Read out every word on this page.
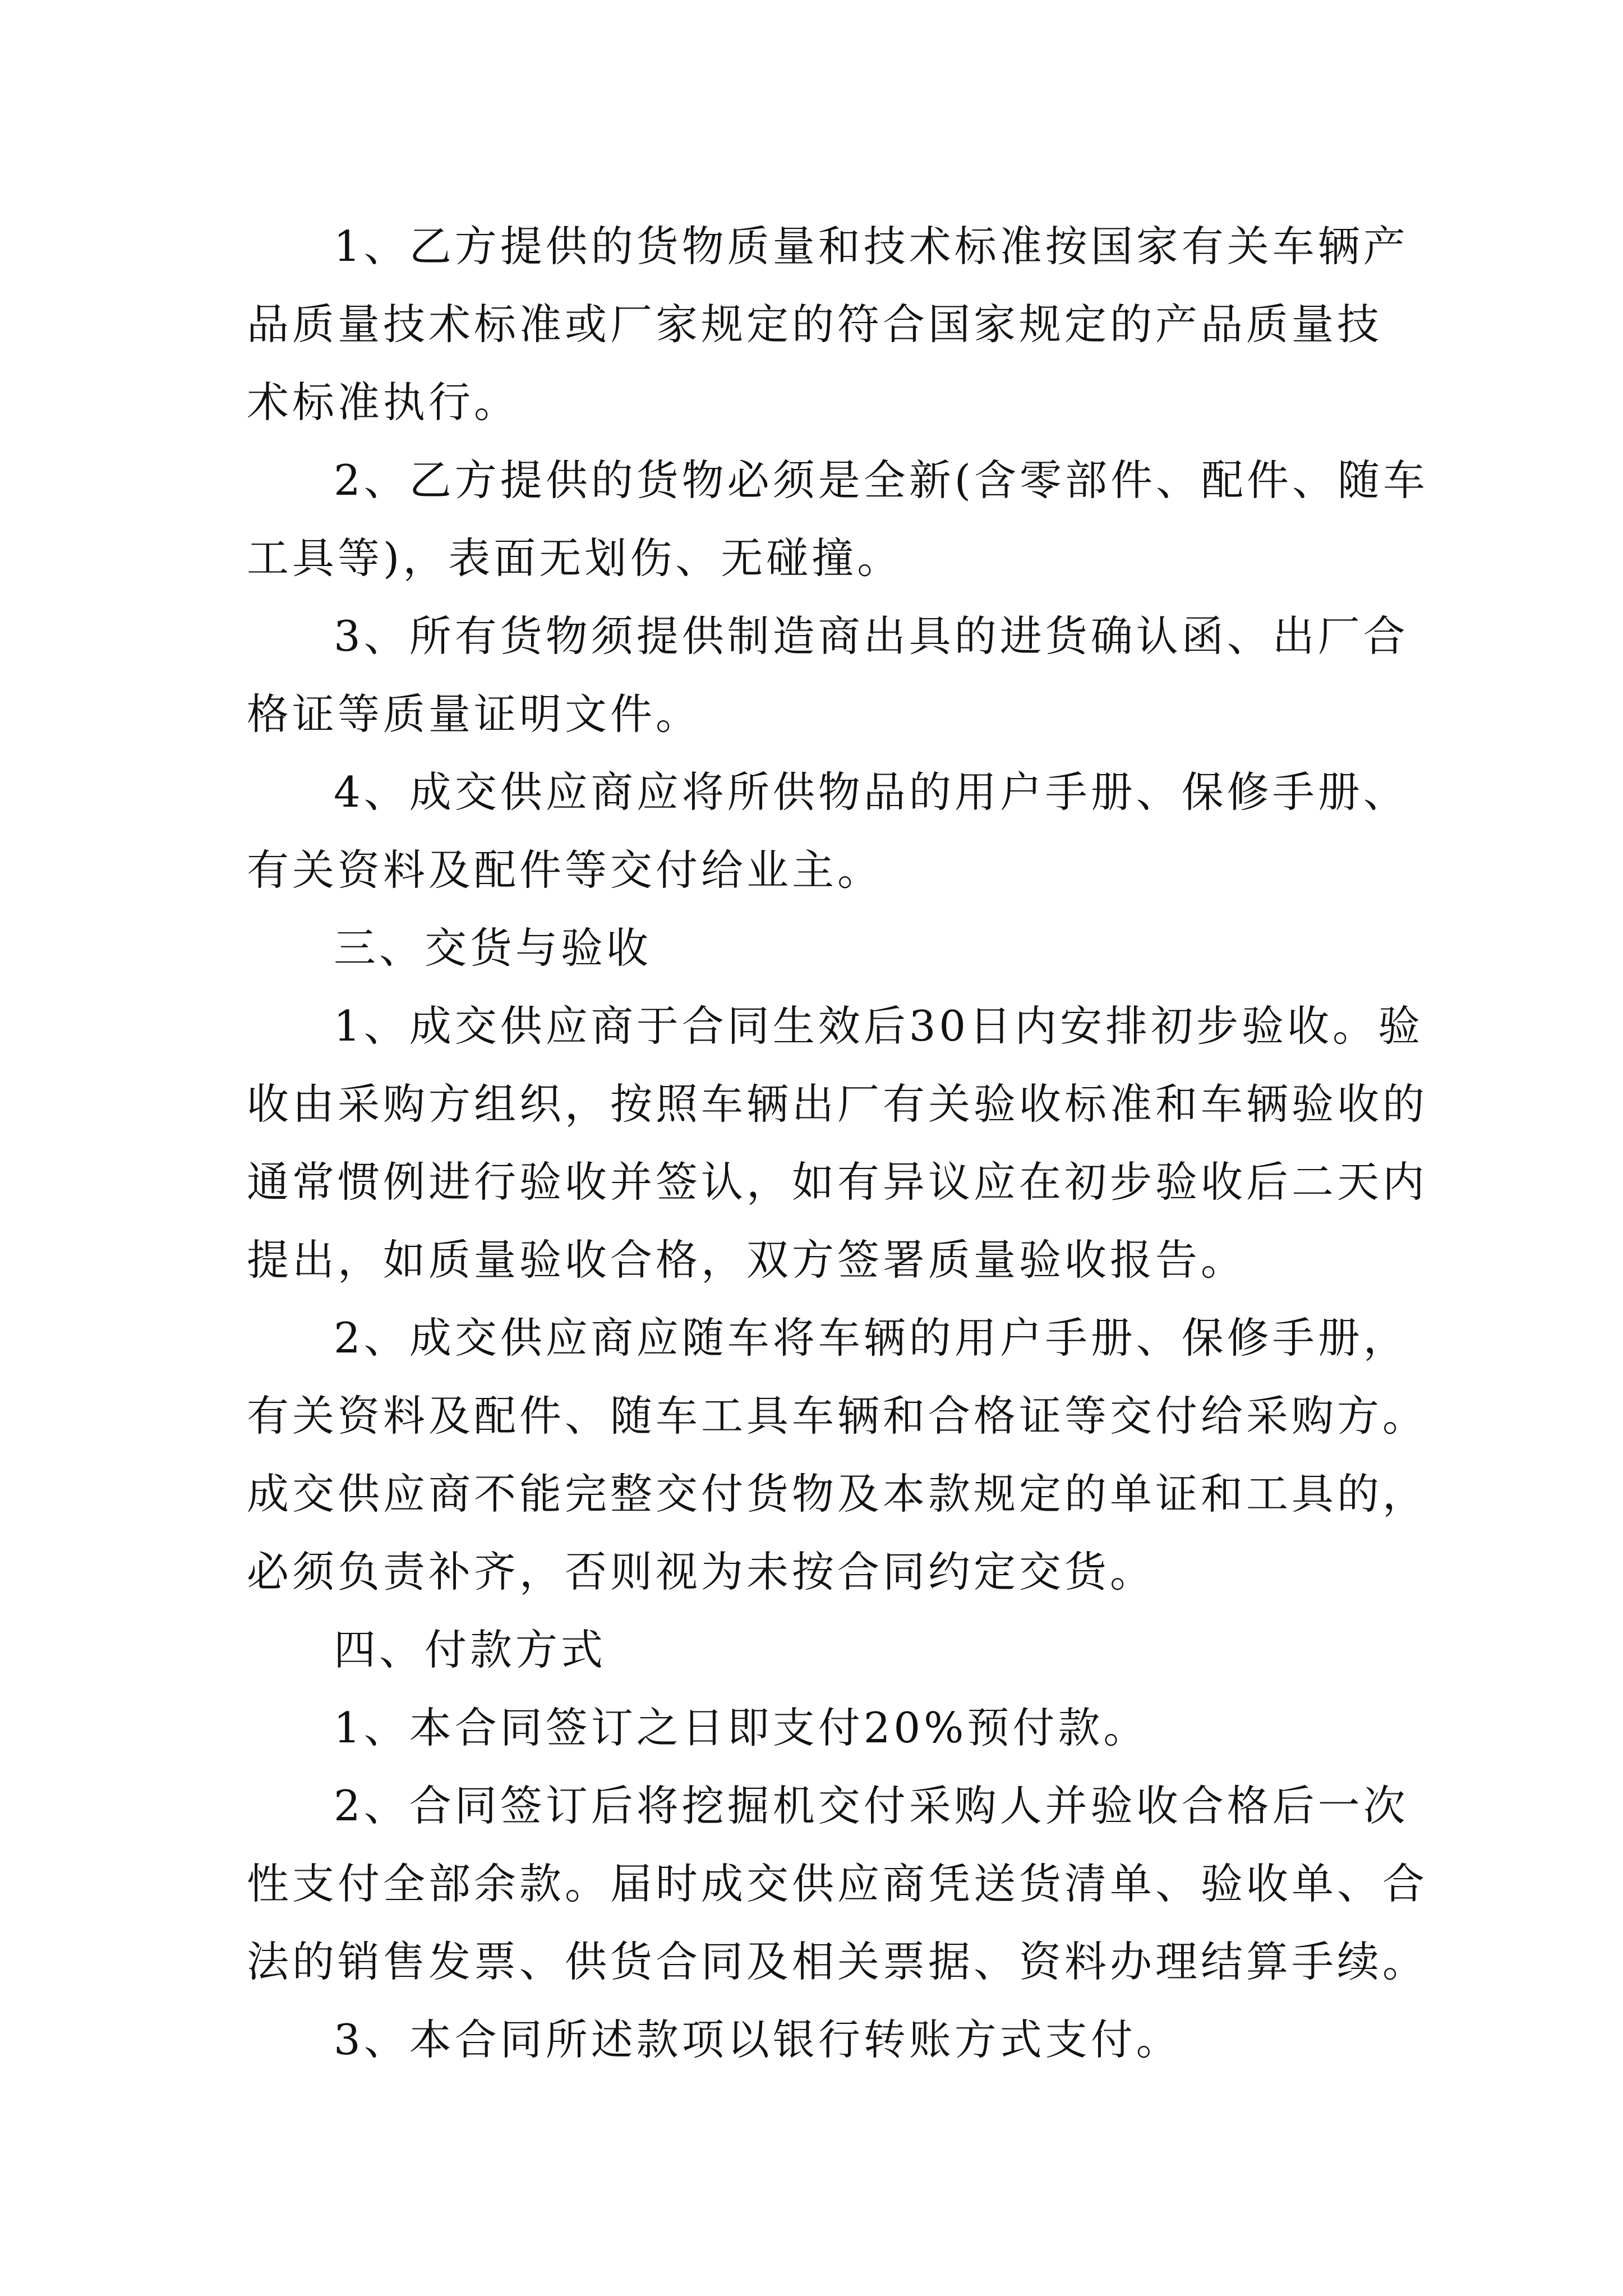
1、乙方提供的货物质量和技术标准按国家有关车辆产
品质量技术标准或厂家规定的符合国家规定的产品质量技
术标准执行。
2、乙方提供的货物必须是全新(含零部件、配件、随车
工具等)，表面无划伤、无碰撞。
3、所有货物须提供制造商出具的进货确认函、出厂合
格证等质量证明文件。
4、成交供应商应将所供物品的用户手册、保修手册、
有关资料及配件等交付给业主。
三、交货与验收
1、成交供应商于合同生效后30日内安排初步验收。验
收由采购方组织，按照车辆出厂有关验收标准和车辆验收的
通常惯例进行验收并签认，如有异议应在初步验收后二天内
提出，如质量验收合格，双方签署质量验收报告。
2、成交供应商应随车将车辆的用户手册、保修手册，
有关资料及配件、随车工具车辆和合格证等交付给采购方。
成交供应商不能完整交付货物及本款规定的单证和工具的，
必须负责补齐，否则视为未按合同约定交货。
四、付款方式
1、本合同签订之日即支付20%预付款。
2、合同签订后将挖掘机交付采购人并验收合格后一次
性支付全部余款。届时成交供应商凭送货清单、验收单、合
法的销售发票、供货合同及相关票据、资料办理结算手续。
3、本合同所述款项以银行转账方式支付。
